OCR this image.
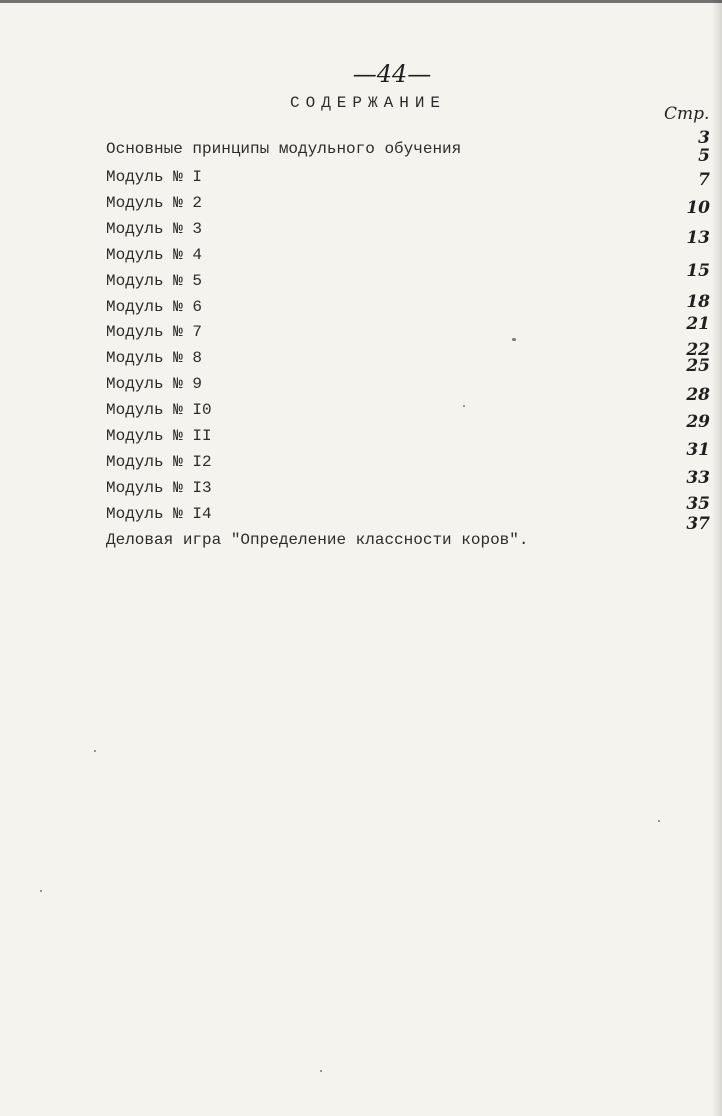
—44—
СОДЕРЖАНИЕ
Стр.
Основные принципы модульного обучения
Модуль № I
Модуль № 2
Модуль № 3
Модуль № 4
Модуль № 5
Модуль № 6
Модуль № 7
Модуль № 8
Модуль № 9
Модуль № I0
Модуль № II
Модуль № I2
Модуль № I3
Модуль № I4
Деловая игра "Определение классности коров".
3
5
7
10
13
15
18
21
22
25
28
29
31
33
35
37
